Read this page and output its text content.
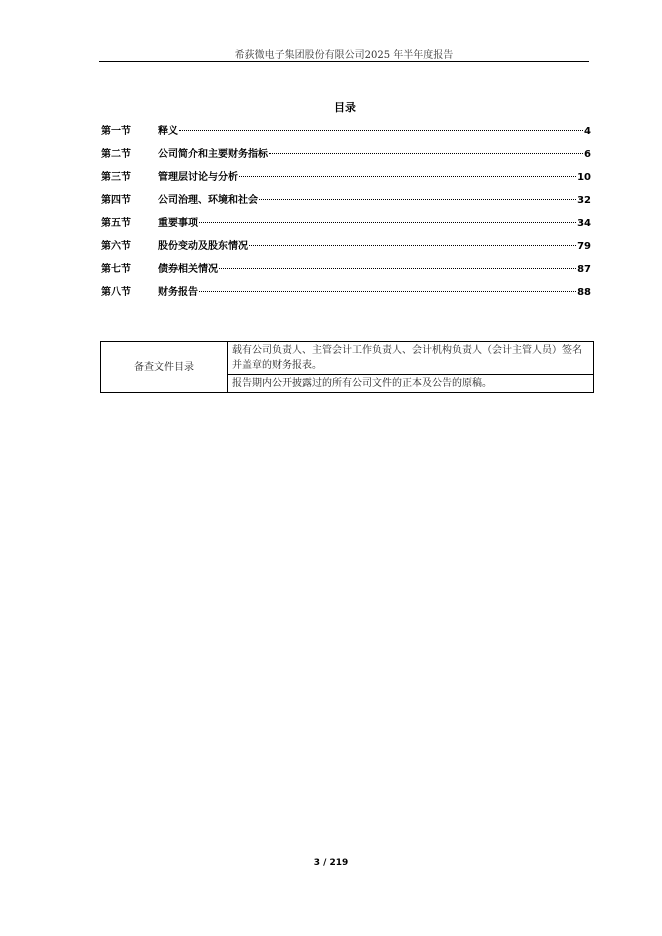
希荻微电子集团股份有限公司2025 年半年度报告
目录
第一节	释义	4
第二节	公司简介和主要财务指标	6
第三节	管理层讨论与分析	10
第四节	公司治理、环境和社会	32
第五节	重要事项	34
第六节	股份变动及股东情况	79
第七节	债券相关情况	87
第八节	财务报告	88
备查文件目录	载有公司负责人、主管会计工作负责人、会计机构负责人（会计主管人员）签名并盖章的财务报表。
报告期内公开披露过的所有公司文件的正本及公告的原稿。
3 / 219
